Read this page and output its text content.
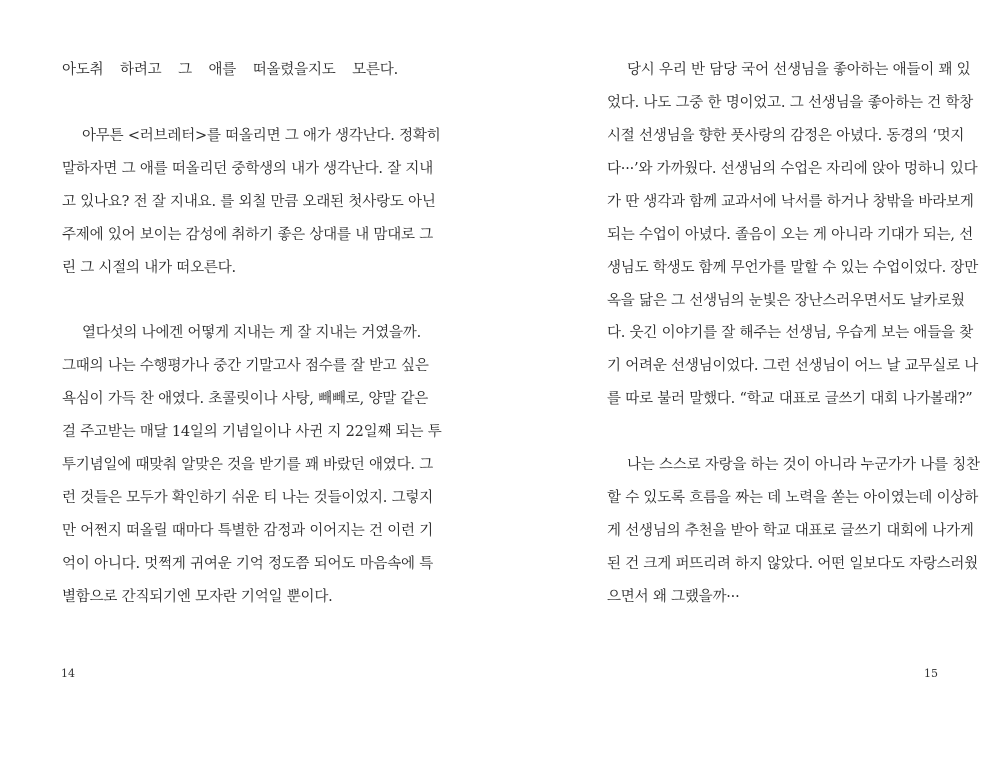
아도취 하려고 그 애를 떠올렸을지도 모른다.
아무튼 <러브레터>를 떠올리면 그 애가 생각난다. 정확히
말하자면 그 애를 떠올리던 중학생의 내가 생각난다. 잘 지내
고 있나요? 전 잘 지내요. 를 외칠 만큼 오래된 첫사랑도 아닌
주제에 있어 보이는 감성에 취하기 좋은 상대를 내 맘대로 그
린 그 시절의 내가 떠오른다.
열다섯의 나에겐 어떻게 지내는 게 잘 지내는 거였을까.
그때의 나는 수행평가나 중간 기말고사 점수를 잘 받고 싶은
욕심이 가득 찬 애였다. 초콜릿이나 사탕, 빼빼로, 양말 같은
걸 주고받는 매달 14일의 기념일이나 사귄 지 22일째 되는 투
투기념일에 때맞춰 알맞은 것을 받기를 꽤 바랐던 애였다. 그
런 것들은 모두가 확인하기 쉬운 티 나는 것들이었지. 그렇지
만 어쩐지 떠올릴 때마다 특별한 감정과 이어지는 건 이런 기
억이 아니다. 멋쩍게 귀여운 기억 정도쯤 되어도 마음속에 특
별함으로 간직되기엔 모자란 기억일 뿐이다.
14
당시 우리 반 담당 국어 선생님을 좋아하는 애들이 꽤 있
었다. 나도 그중 한 명이었고. 그 선생님을 좋아하는 건 학창
시절 선생님을 향한 풋사랑의 감정은 아녔다. 동경의 ‘멋지
다···’와 가까웠다. 선생님의 수업은 자리에 앉아 멍하니 있다
가 딴 생각과 함께 교과서에 낙서를 하거나 창밖을 바라보게
되는 수업이 아녔다. 졸음이 오는 게 아니라 기대가 되는, 선
생님도 학생도 함께 무언가를 말할 수 있는 수업이었다. 장만
옥을 닮은 그 선생님의 눈빛은 장난스러우면서도 날카로웠
다. 웃긴 이야기를 잘 해주는 선생님, 우습게 보는 애들을 찾
기 어려운 선생님이었다. 그런 선생님이 어느 날 교무실로 나
를 따로 불러 말했다. “학교 대표로 글쓰기 대회 나가볼래?”
나는 스스로 자랑을 하는 것이 아니라 누군가가 나를 칭찬
할 수 있도록 흐름을 짜는 데 노력을 쏟는 아이였는데 이상하
게 선생님의 추천을 받아 학교 대표로 글쓰기 대회에 나가게
된 건 크게 퍼뜨리려 하지 않았다. 어떤 일보다도 자랑스러웠
으면서 왜 그랬을까···
15
